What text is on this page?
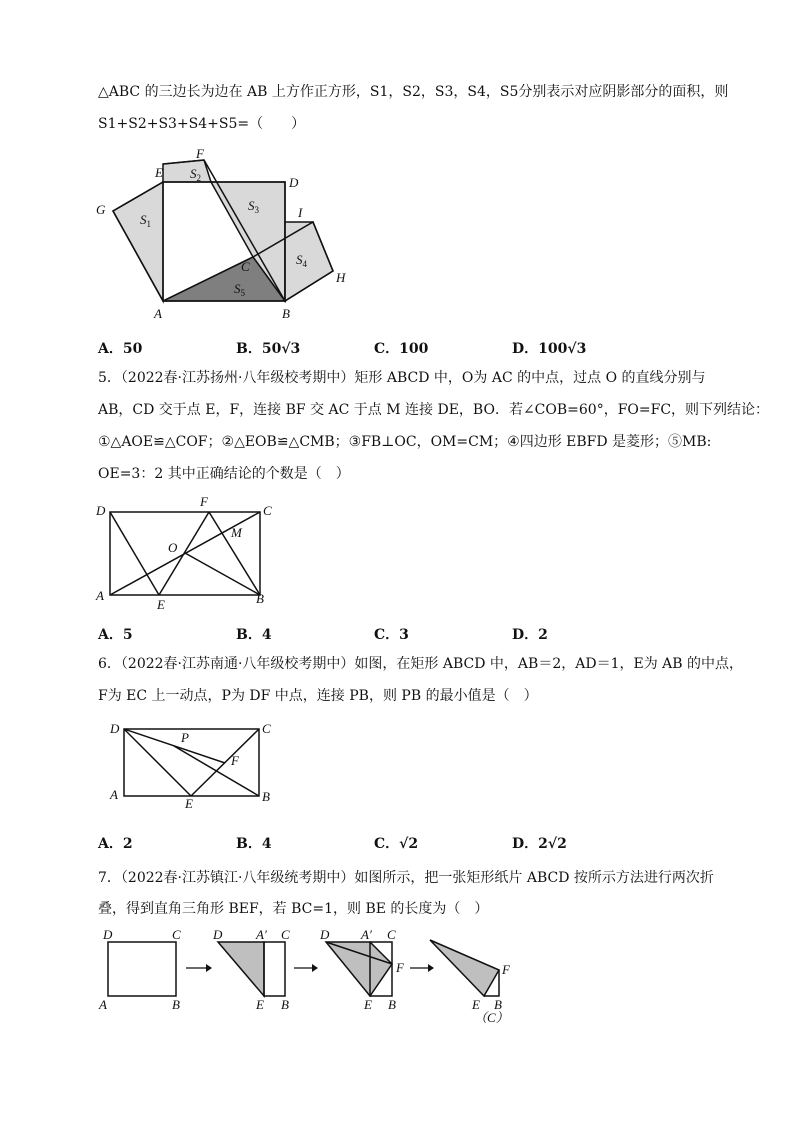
△ABC 的三边长为边在 AB 上方作正方形，S1，S2，S3，S4，S5分别表示对应阴影部分的面积，则
S1+S2+S3+S4+S5=（　　）
F
E
D
G	I
H
C
A	B
$S_1$
$S_2$
$S_3$
$S_4$
$S_5$
A．50	B．50√3	C．100	D．100√3
5．（2022春·江苏扬州·八年级校考期中）矩形 ABCD 中，O为 AC 的中点，过点 O 的直线分别与
AB，CD 交于点 E，F，连接 BF 交 AC 于点 M 连接 DE，BO．若∠COB=60°，FO=FC，则下列结论：
①△AOE≌△COF；②△EOB≌△CMB；③FB⊥OC，OM=CM；④四边形 EBFD 是菱形；⑤MB:
OE=3：2 其中正确结论的个数是（　）
D
F
C
M
O
A
E	B
A．5	B．4	C．3	D．2
6．（2022春·江苏南通·八年级校考期中）如图，在矩形 ABCD 中，AB＝2，AD＝1，E为 AB 的中点，
F为 EC 上一动点，P为 DF 中点，连接 PB，则 PB 的最小值是（　）
D	C
P
F
A
E	B
A．2	B．4	C．√2	D．2√2
7．（2022春·江苏镇江·八年级统考期中）如图所示，把一张矩形纸片 ABCD 按所示方法进行两次折
叠，得到直角三角形 BEF，若 BC=1，则 BE 的长度为（　）
D	C
A	B
D	A′ C
E B
D A′ C
F
E B
F
E B
（C）
